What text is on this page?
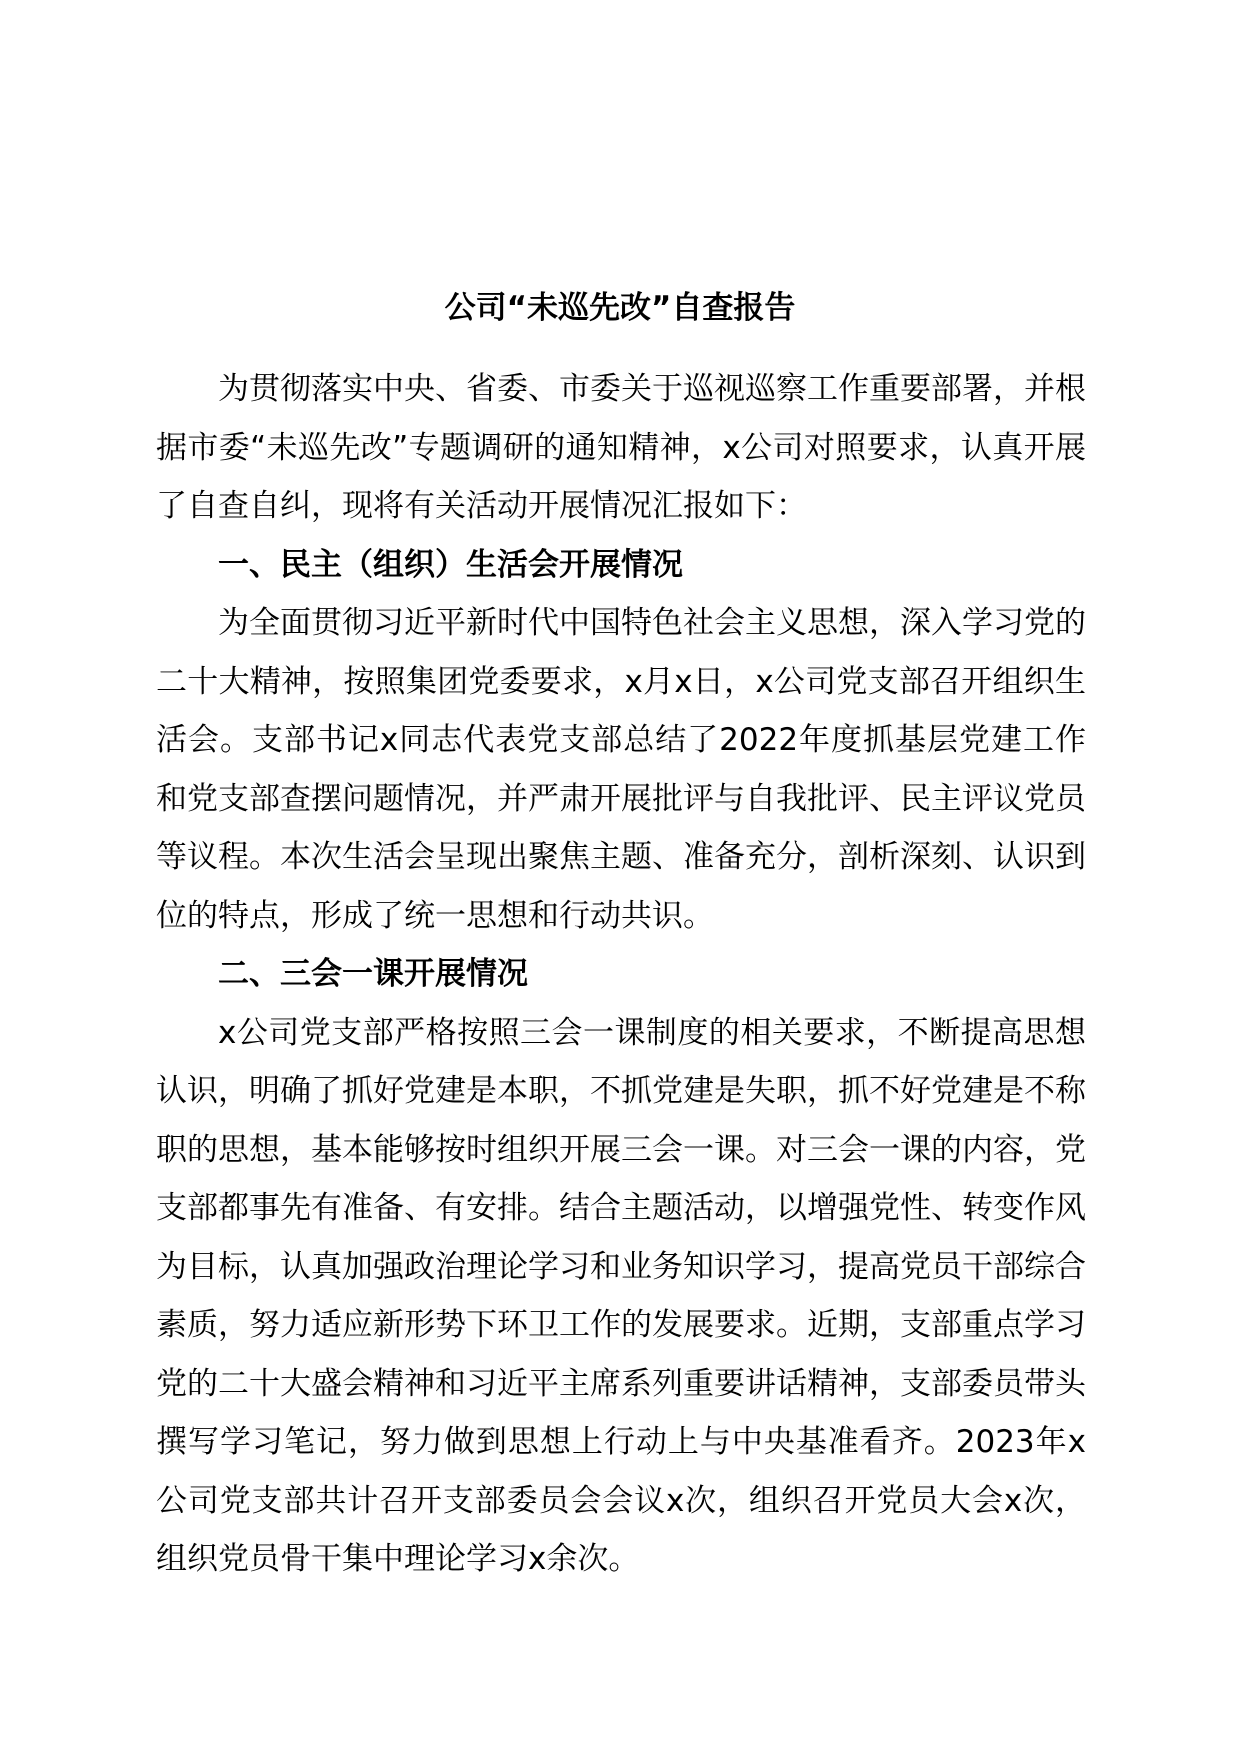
公司“未巡先改”自查报告

为贯彻落实中央、省委、市委关于巡视巡察工作重要部署，并根据市委“未巡先改”专题调研的通知精神，x公司对照要求，认真开展了自查自纠，现将有关活动开展情况汇报如下：

一、民主（组织）生活会开展情况

为全面贯彻习近平新时代中国特色社会主义思想，深入学习党的二十大精神，按照集团党委要求，x月x日，x公司党支部召开组织生活会。支部书记x同志代表党支部总结了2022年度抓基层党建工作和党支部查摆问题情况，并严肃开展批评与自我批评、民主评议党员等议程。本次生活会呈现出聚焦主题、准备充分，剖析深刻、认识到位的特点，形成了统一思想和行动共识。

二、三会一课开展情况

x公司党支部严格按照三会一课制度的相关要求，不断提高思想认识，明确了抓好党建是本职，不抓党建是失职，抓不好党建是不称职的思想，基本能够按时组织开展三会一课。对三会一课的内容，党支部都事先有准备、有安排。结合主题活动，以增强党性、转变作风为目标，认真加强政治理论学习和业务知识学习，提高党员干部综合素质，努力适应新形势下环卫工作的发展要求。近期，支部重点学习党的二十大盛会精神和习近平主席系列重要讲话精神，支部委员带头撰写学习笔记，努力做到思想上行动上与中央基准看齐。2023年x公司党支部共计召开支部委员会会议x次，组织召开党员大会x次，组织党员骨干集中理论学习x余次。
